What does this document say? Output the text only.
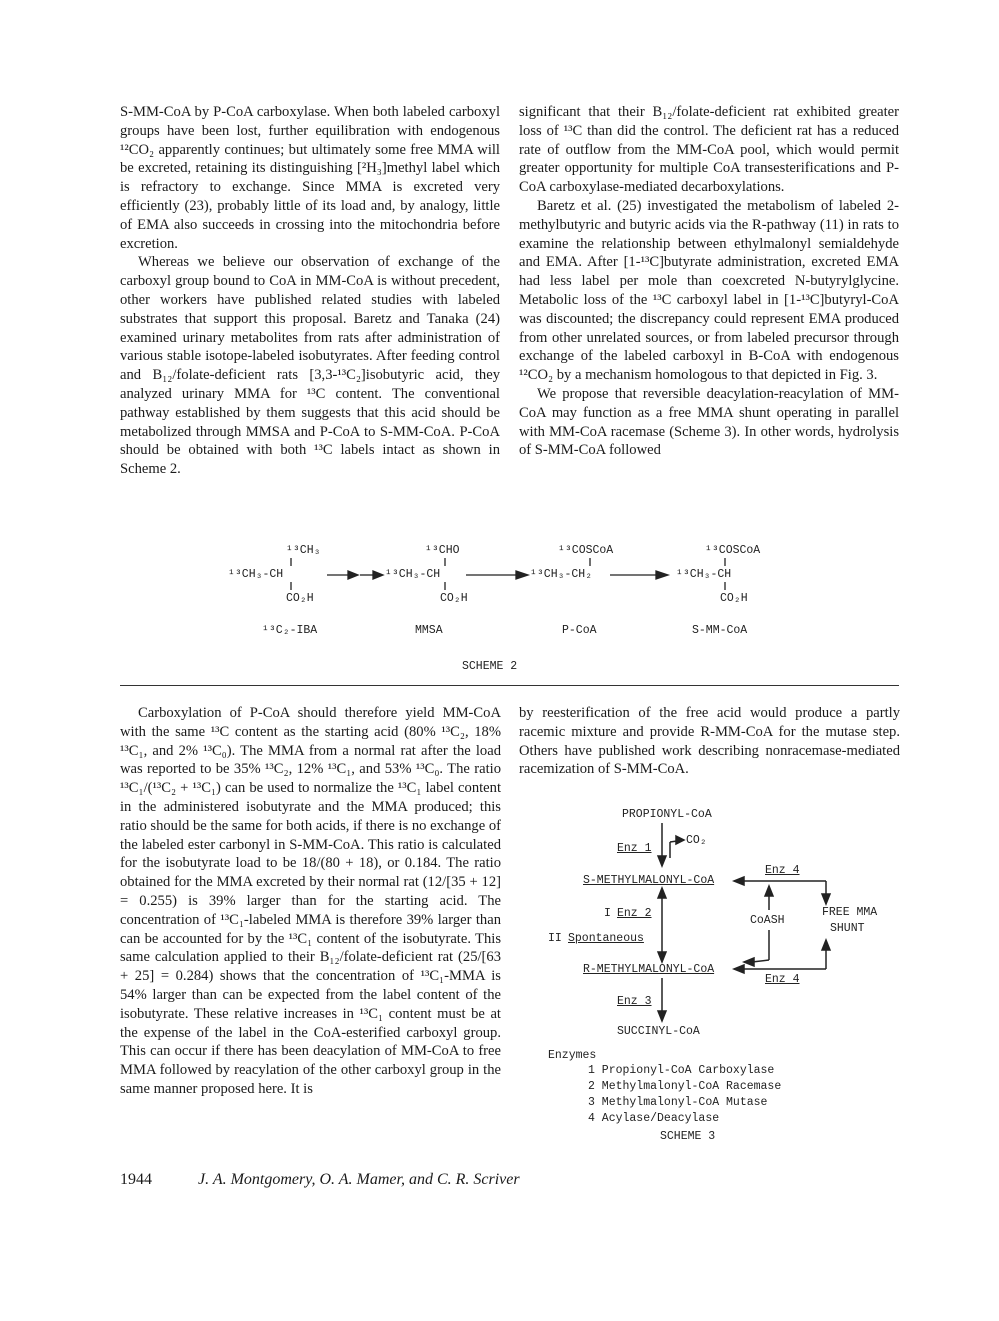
S-MM-CoA by P-CoA carboxylase. When both labeled carboxyl groups have been lost, further equilibration with endogenous ¹²CO₂ apparently continues; but ultimately some free MMA will be excreted, retaining its distinguishing [²H₃]methyl label which is refractory to exchange. Since MMA is excreted very efficiently (23), probably little of its load and, by analogy, little of EMA also succeeds in crossing into the mitochondria before excretion.

Whereas we believe our observation of exchange of the carboxyl group bound to CoA in MM-CoA is without precedent, other workers have published related studies with labeled substrates that support this proposal. Baretz and Tanaka (24) examined urinary metabolites from rats after administration of various stable isotope-labeled isobutyrates. After feeding control and B₁₂/folate-deficient rats [3,3-¹³C₂]isobutyric acid, they analyzed urinary MMA for ¹³C content. The conventional pathway established by them suggests that this acid should be metabolized through MMSA and P-CoA to S-MM-CoA. P-CoA should be obtained with both ¹³C labels intact as shown in Scheme 2.

significant that their B₁₂/folate-deficient rat exhibited greater loss of ¹³C than did the control. The deficient rat has a reduced rate of outflow from the MM-CoA pool, which would permit greater opportunity for multiple CoA transesterifications and P-CoA carboxylase-mediated decarboxylations.

Baretz et al. (25) investigated the metabolism of labeled 2-methylbutyric and butyric acids via the R-pathway (11) in rats to examine the relationship between ethylmalonyl semialdehyde and EMA. After [1-¹³C]butyrate administration, excreted EMA had less label per mole than coexcreted N-butyrylglycine. Metabolic loss of the ¹³C carboxyl label in [1-¹³C]butyryl-CoA was discounted; the discrepancy could represent EMA produced from other unrelated sources, or from labeled precursor through exchange of the labeled carboxyl in B-CoA with endogenous ¹²CO₂ by a mechanism homologous to that depicted in Fig. 3.

We propose that reversible deacylation-reacylation of MM-CoA may function as a free MMA shunt operating in parallel with MM-CoA racemase (Scheme 3). In other words, hydrolysis of S-MM-CoA followed

¹³CH₃
¹³CH₃-CH
CO₂H
¹³C₂-IBA
¹³CHO
¹³CH₃-CH
CO₂H
MMSA
¹³COSCoA
¹³CH₃-CH₂
P-CoA
¹³COSCoA
¹³CH₃-CH
CO₂H
S-MM-CoA
SCHEME 2

Carboxylation of P-CoA should therefore yield MM-CoA with the same ¹³C content as the starting acid (80% ¹³C₂, 18% ¹³C₁, and 2% ¹³C₀). The MMA from a normal rat after the load was reported to be 35% ¹³C₂, 12% ¹³C₁, and 53% ¹³C₀. The ratio ¹³C₁/(¹³C₂ + ¹³C₁) can be used to normalize the ¹³C₁ label content in the administered isobutyrate and the MMA produced; this ratio should be the same for both acids, if there is no exchange of the labeled ester carbonyl in S-MM-CoA. This ratio is calculated for the isobutyrate load to be 18/(80 + 18), or 0.184. The ratio obtained for the MMA excreted by their normal rat (12/[35 + 12] = 0.255) is 39% larger than for the starting acid. The concentration of ¹³C₁-labeled MMA is therefore 39% larger than can be accounted for by the ¹³C₁ content of the isobutyrate. This same calculation applied to their B₁₂/folate-deficient rat (25/[63 + 25] = 0.284) shows that the concentration of ¹³C₁-MMA is 54% larger than can be expected from the label content of the isobutyrate. These relative increases in ¹³C₁ content must be at the expense of the label in the CoA-esterified carboxyl group. This can occur if there has been deacylation of MM-CoA to free MMA followed by reacylation of the other carboxyl group in the same manner proposed here. It is

by reesterification of the free acid would produce a partly racemic mixture and provide R-MM-CoA for the mutase step. Others have published work describing nonracemase-mediated racemization of S-MM-CoA.

PROPIONYL-CoA
Enz 1
CO₂
S-METHYLMALONYL-CoA
Enz 4
FREE MMA
SHUNT
I Enz 2
CoASH
II Spontaneous
R-METHYLMALONYL-CoA
Enz 4
Enz 3
SUCCINYL-CoA
Enzymes
1 Propionyl-CoA Carboxylase
2 Methylmalonyl-CoA Racemase
3 Methylmalonyl-CoA Mutase
4 Acylase/Deacylase
SCHEME 3
1944	J. A. Montgomery, O. A. Mamer, and C. R. Scriver
